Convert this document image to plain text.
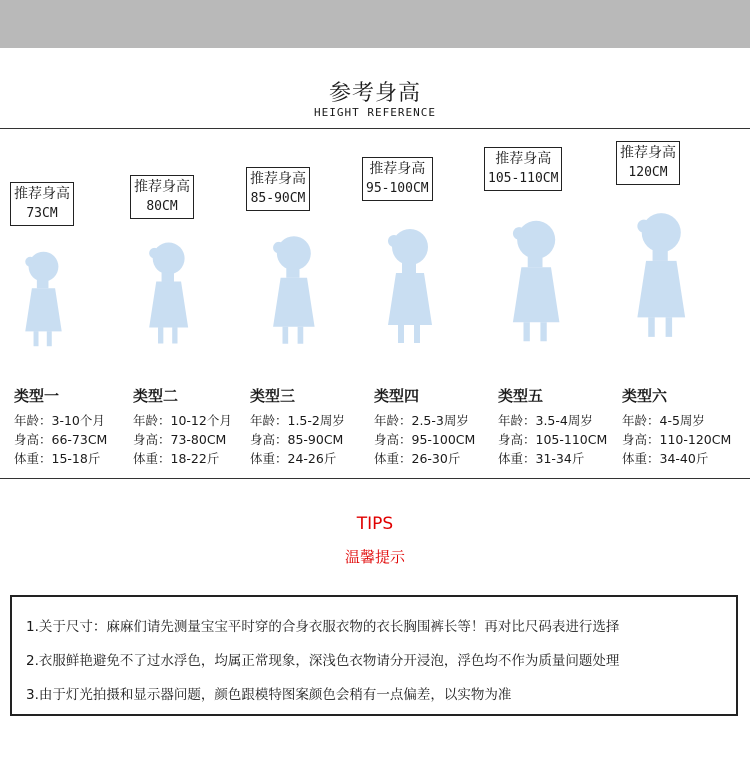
参考身高
HEIGHT REFERENCE
推荐身高
73CM
类型一
年龄：3-10个月
身高：66-73CM
体重：15-18斤
推荐身高
80CM
类型二
年龄：10-12个月
身高：73-80CM
体重：18-22斤
推荐身高
85-90CM
类型三
年龄：1.5-2周岁
身高：85-90CM
体重：24-26斤
推荐身高
95-100CM
类型四
年龄：2.5-3周岁
身高：95-100CM
体重：26-30斤
推荐身高
105-110CM
类型五
年龄：3.5-4周岁
身高：105-110CM
体重：31-34斤
推荐身高
120CM
类型六
年龄：4-5周岁
身高：110-120CM
体重：34-40斤
TIPS
温馨提示
1.关于尺寸：麻麻们请先测量宝宝平时穿的合身衣服衣物的衣长胸围裤长等！再对比尺码表进行选择
2.衣服鲜艳避免不了过水浮色，均属正常现象，深浅色衣物请分开浸泡，浮色均不作为质量问题处理
3.由于灯光拍摄和显示器问题，颜色跟模特图案颜色会稍有一点偏差，以实物为准
